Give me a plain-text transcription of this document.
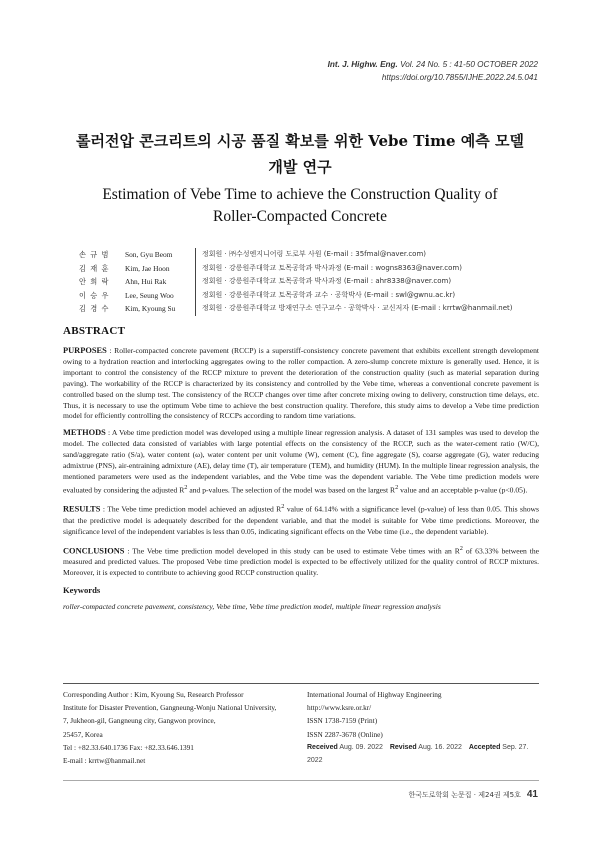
Int. J. Highw. Eng. Vol. 24 No. 5 : 41-50 OCTOBER 2022
https://doi.org/10.7855/IJHE.2022.24.5.041
롤러전압 콘크리트의 시공 품질 확보를 위한 Vebe Time 예측 모델
개발 연구
Estimation of Vebe Time to achieve the Construction Quality of
Roller-Compacted Concrete
손 규 범	Son, Gyu Beom	정회원 · ㈜수성엔지니어링 도로부 사원 (E-mail : 35fmal@naver.com)
김 재 훈	Kim, Jae Hoon	정회원 · 강릉원주대학교 토목공학과 박사과정 (E-mail : wogns8363@naver.com)
안 희 락	Ahn, Hui Rak	정회원 · 강릉원주대학교 토목공학과 박사과정 (E-mail : ahr8338@naver.com)
이 승 우	Lee, Seung Woo	정회원 · 강릉원주대학교 토목공학과 교수 · 공학박사 (E-mail : swl@gwnu.ac.kr)
김 경 수	Kim, Kyoung Su	정회원 · 강릉원주대학교 방재연구소 연구교수 · 공학박사 · 교신저자 (E-mail : krrtw@hanmail.net)
ABSTRACT

PURPOSES : Roller-compacted concrete pavement (RCCP) is a superstiff-consistency concrete pavement that exhibits excellent strength development owing to a hydration reaction and interlocking aggregates owing to the roller compaction. A zero-slump concrete mixture is generally used. Hence, it is important to control the consistency of the RCCP mixture to prevent the deterioration of the construction quality (such as material separation during paving). The workability of the RCCP is characterized by its consistency and controlled by the Vebe time, whereas a conventional concrete pavement is controlled based on the slump test. The consistency of the RCCP changes over time after concrete mixing owing to delivery, construction time delays, etc. Thus, it is necessary to use the optimum Vebe time to achieve the best construction quality. Therefore, this study aims to develop a Vebe time prediction model for efficiently controlling the consistency of RCCPs according to random time variations.

METHODS : A Vebe time prediction model was developed using a multiple linear regression analysis. A dataset of 131 samples was used to develop the model. The collected data consisted of variables with large potential effects on the consistency of the RCCP, such as the water-cement ratio (W/C), sand/aggregate ratio (S/a), water content (ω), water content per unit volume (W), cement (C), fine aggregate (S), coarse aggregate (G), water reducing admixtrue (PNS), air-entraining admixture (AE), delay time (T), air temperature (TEM), and humidity (HUM). In the multiple linear regression analysis, the mentioned parameters were used as the independent variables, and the Vebe time was the dependent variable. The Vebe time prediction models were evaluated by considering the adjusted $R^2$ and p-values. The selection of the model was based on the largest $R^2$ value and an acceptable p-value (p<0.05).

RESULTS : The Vebe time prediction model achieved an adjusted $R^2$ value of 64.14% with a significance level (p-value) of less than 0.05. This shows that the predictive model is adequately described for the dependent variable, and that the model is suitable for Vebe time predictions. Moreover, the significance level of the independent variables is less than 0.05, indicating significant effects on the Vebe time (i.e., the dependent variable).

CONCLUSIONS : The Vebe time prediction model developed in this study can be used to estimate Vebe times with an $R^2$ of 63.33% between the measured and predicted values. The proposed Vebe time prediction model is expected to be effectively utilized for the quality control of RCCP mixtures. Moreover, it is expected to contribute to achieving good RCCP construction quality.

Keywords

roller-compacted concrete pavement, consistency, Vebe time, Vebe time prediction model, multiple linear regression analysis

Corresponding Author : Kim, Kyoung Su, Research Professor
Institute for Disaster Prevention, Gangneung-Wonju National University,
7, Jukheon-gil, Gangneung city, Gangwon province,
25457, Korea
Tel : +82.33.640.1736 Fax: +82.33.646.1391
E-mail : krrtw@hanmail.net
International Journal of Highway Engineering
http://www.ksre.or.kr/
ISSN 1738-7159 (Print)
ISSN 2287-3678 (Online)
Received Aug. 09. 2022 Revised Aug. 16. 2022 Accepted Sep. 27. 2022
한국도로학회 논문집 · 제24권 제5호 41
